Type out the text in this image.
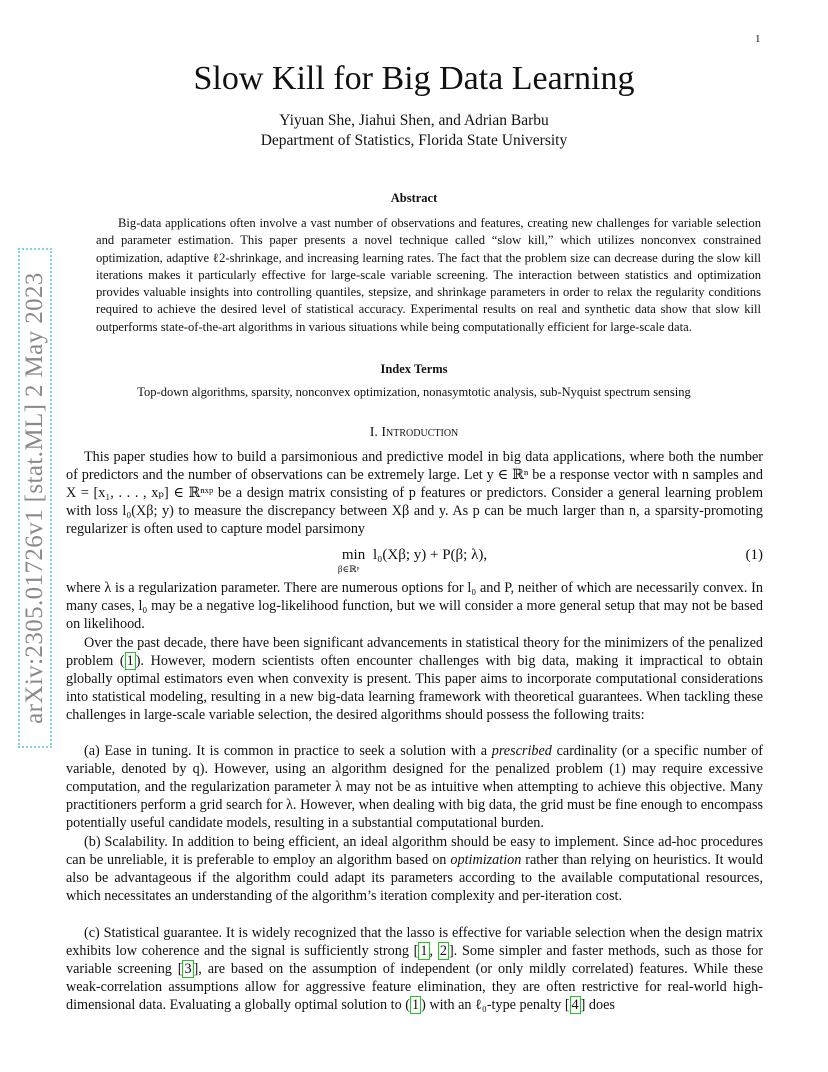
1
arXiv:2305.01726v1 [stat.ML] 2 May 2023
Slow Kill for Big Data Learning
Yiyuan She, Jiahui Shen, and Adrian Barbu
Department of Statistics, Florida State University
Abstract

Big-data applications often involve a vast number of observations and features, creating new challenges for variable selection and parameter estimation. This paper presents a novel technique called “slow kill,” which utilizes nonconvex constrained optimization, adaptive ℓ2-shrinkage, and increasing learning rates. The fact that the problem size can decrease during the slow kill iterations makes it particularly effective for large-scale variable screening. The interaction between statistics and optimization provides valuable insights into controlling quantiles, stepsize, and shrinkage parameters in order to relax the regularity conditions required to achieve the desired level of statistical accuracy. Experimental results on real and synthetic data show that slow kill outperforms state-of-the-art algorithms in various situations while being computationally efficient for large-scale data.

Index Terms
Top-down algorithms, sparsity, nonconvex optimization, nonasymtotic analysis, sub-Nyquist spectrum sensing
I. Introduction

This paper studies how to build a parsimonious and predictive model in big data applications, where both the number of predictors and the number of observations can be extremely large. Let y ∈ ℝⁿ be a response vector with n samples and X = [x₁, . . . , xₚ] ∈ ℝⁿˣᵖ be a design matrix consisting of p features or predictors. Consider a general learning problem with loss l₀(Xβ; y) to measure the discrepancy between Xβ and y. As p can be much larger than n, a sparsity-promoting regularizer is often used to capture model parsimony

min
β∈ℝᵖ
l₀(Xβ; y) + P(β; λ),	(1)

where λ is a regularization parameter. There are numerous options for l₀ and P, neither of which are necessarily convex. In many cases, l₀ may be a negative log-likelihood function, but we will consider a more general setup that may not be based on likelihood.

Over the past decade, there have been significant advancements in statistical theory for the minimizers of the penalized problem ( 1 ). However, modern scientists often encounter challenges with big data, making it impractical to obtain globally optimal estimators even when convexity is present. This paper aims to incorporate computational considerations into statistical modeling, resulting in a new big-data learning framework with theoretical guarantees. When tackling these challenges in large-scale variable selection, the desired algorithms should possess the following traits:

(a) Ease in tuning. It is common in practice to seek a solution with a prescribed cardinality (or a specific number of variable, denoted by q). However, using an algorithm designed for the penalized problem (1) may require excessive computation, and the regularization parameter λ may not be as intuitive when attempting to achieve this objective. Many practitioners perform a grid search for λ. However, when dealing with big data, the grid must be fine enough to encompass potentially useful candidate models, resulting in a substantial computational burden.

(b) Scalability. In addition to being efficient, an ideal algorithm should be easy to implement. Since ad-hoc procedures can be unreliable, it is preferable to employ an algorithm based on optimization rather than relying on heuristics. It would also be advantageous if the algorithm could adapt its parameters according to the available computational resources, which necessitates an understanding of the algorithm’s iteration complexity and per-iteration cost.

(c) Statistical guarantee. It is widely recognized that the lasso is effective for variable selection when the design matrix exhibits low coherence and the signal is sufficiently strong [ 1 , 2 ]. Some simpler and faster methods, such as those for variable screening [ 3 ], are based on the assumption of independent (or only mildly correlated) features. While these weak-correlation assumptions allow for aggressive feature elimination, they are often restrictive for real-world high-dimensional data. Evaluating a globally optimal solution to ( 1 ) with an ℓ₀-type penalty [ 4 ] does
